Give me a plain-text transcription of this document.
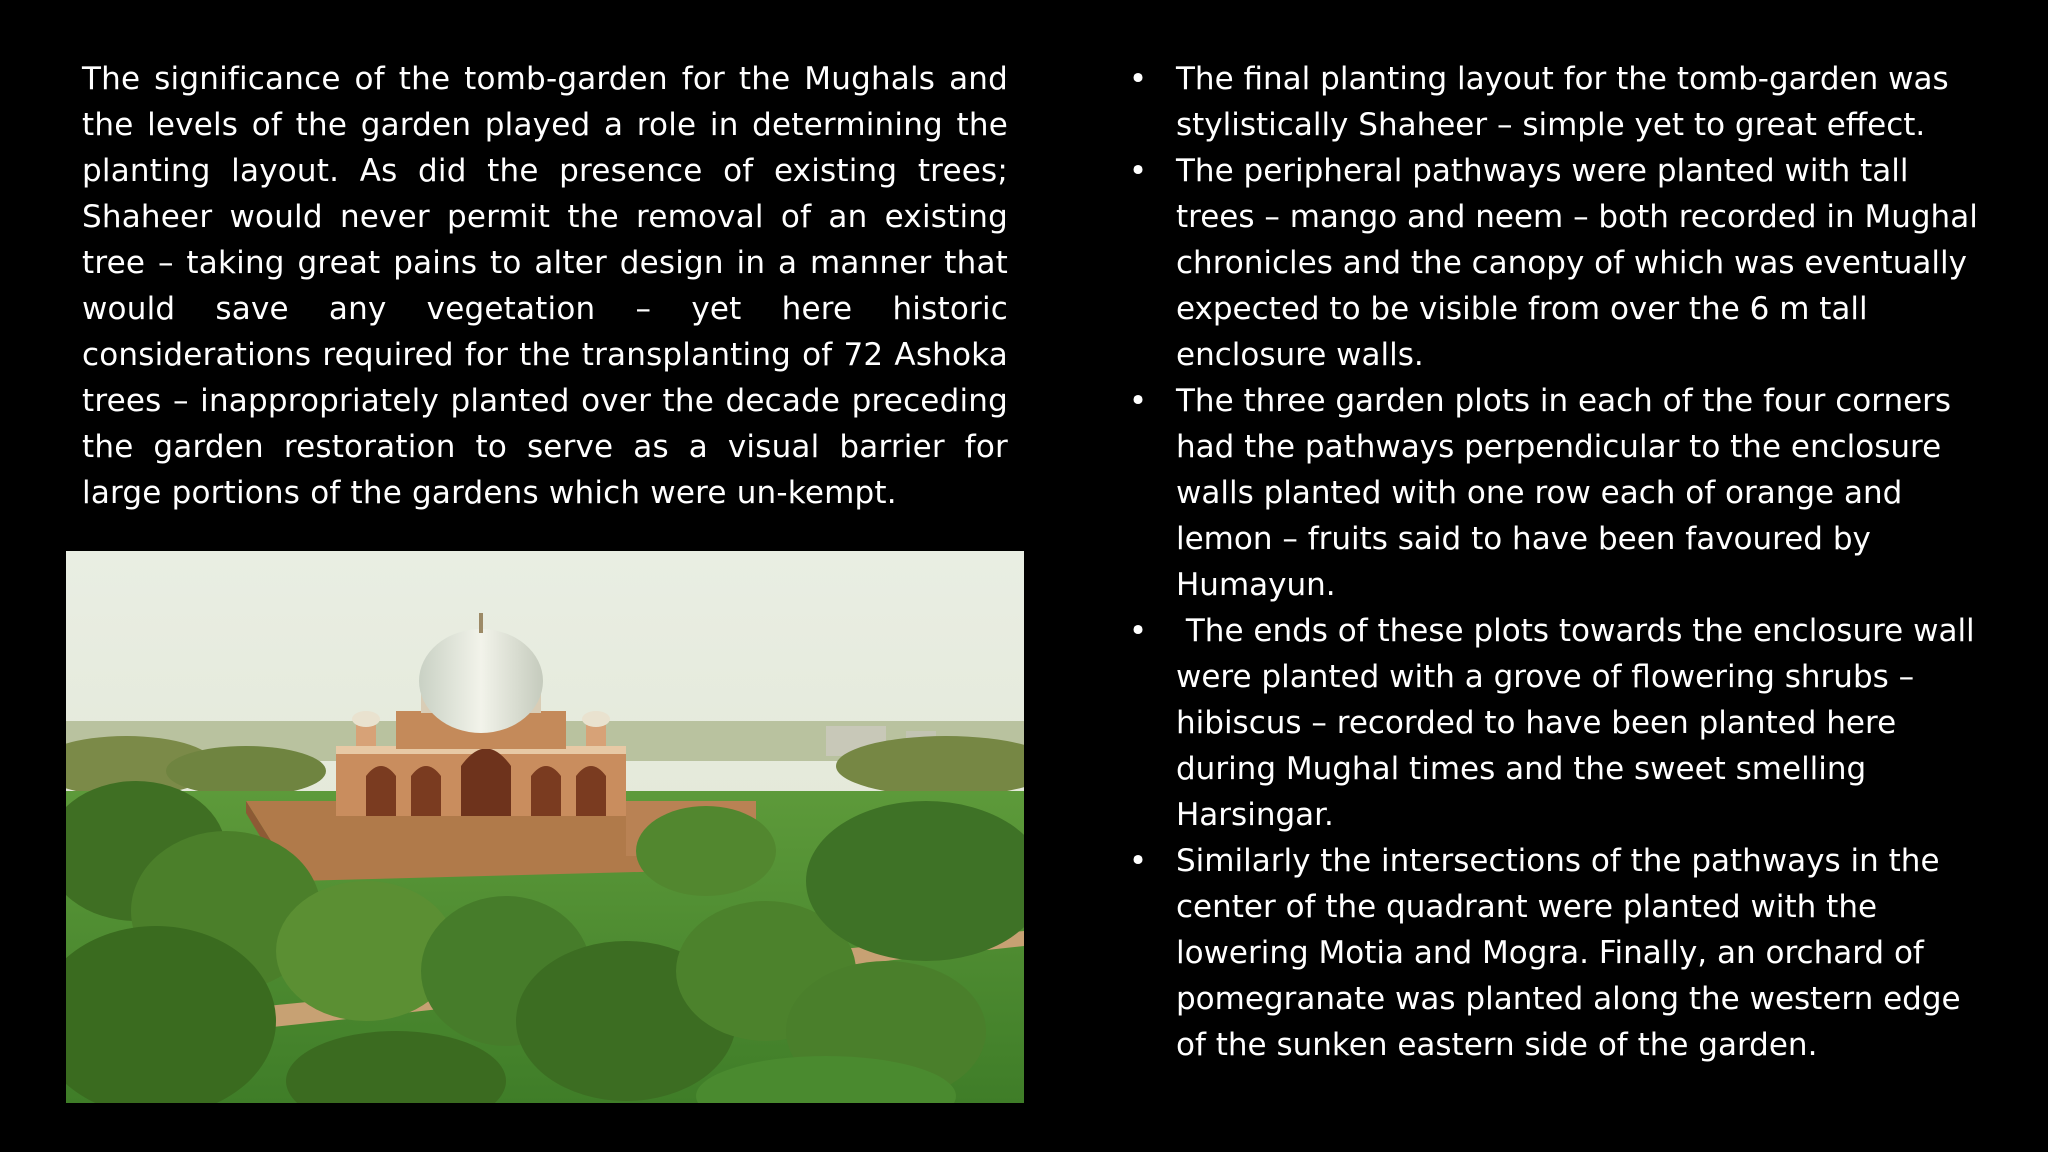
The significance of the tomb-garden for the Mughals and the levels of the garden played a role in determining the planting layout. As did the presence of existing trees; Shaheer would never permit the removal of an existing tree – taking great pains to alter design in a manner that would save any vegetation – yet here historic considerations required for the transplanting of 72 Ashoka trees – inappropriately planted over the decade preceding the garden restoration to serve as a visual barrier for large portions of the gardens which were un-kempt.

• The final planting layout for the tomb-garden was stylistically Shaheer – simple yet to great effect.
• The peripheral pathways were planted with tall trees – mango and neem – both recorded in Mughal chronicles and the canopy of which was eventually expected to be visible from over the 6 m tall enclosure walls.
• The three garden plots in each of the four corners had the pathways perpendicular to the enclosure walls planted with one row each of orange and lemon – fruits said to have been favoured by Humayun.
• The ends of these plots towards the enclosure wall were planted with a grove of flowering shrubs – hibiscus – recorded to have been planted here during Mughal times and the sweet smelling Harsingar.
• Similarly the intersections of the pathways in the center of the quadrant were planted with the lowering Motia and Mogra. Finally, an orchard of pomegranate was planted along the western edge of the sunken eastern side of the garden.
